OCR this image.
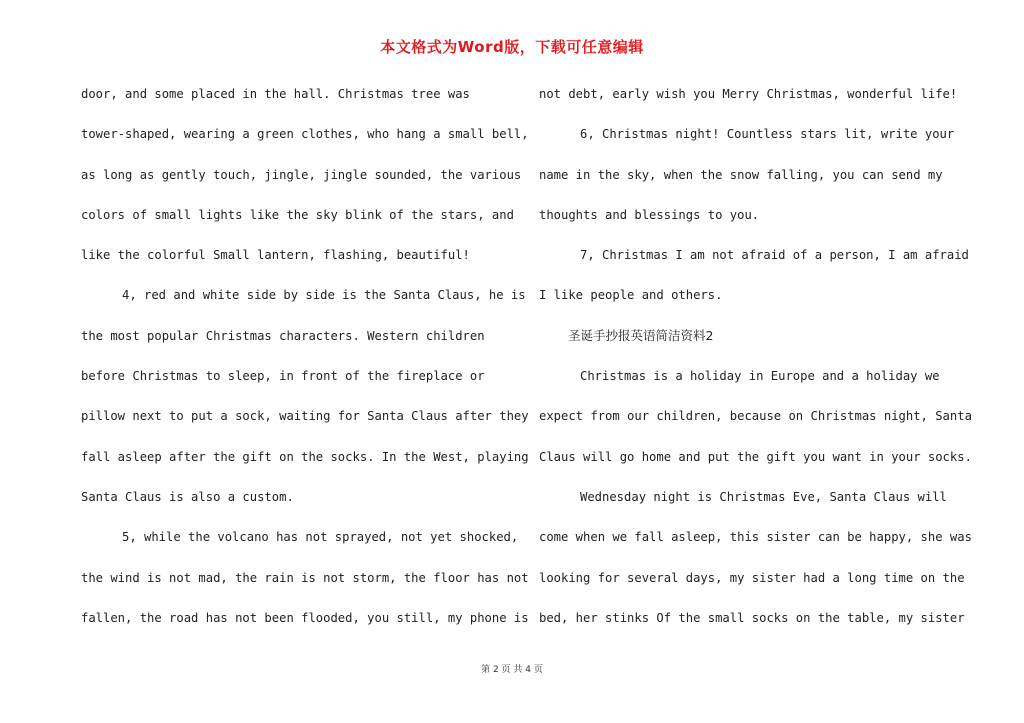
本文格式为Word版，下载可任意编辑
door, and some placed in the hall. Christmas tree was
tower-shaped, wearing a green clothes, who hang a small bell,
as long as gently touch, jingle, jingle sounded, the various
colors of small lights like the sky blink of the stars, and
like the colorful Small lantern, flashing, beautiful!
4, red and white side by side is the Santa Claus, he is
the most popular Christmas characters. Western children
before Christmas to sleep, in front of the fireplace or
pillow next to put a sock, waiting for Santa Claus after they
fall asleep after the gift on the socks. In the West, playing
Santa Claus is also a custom.
5, while the volcano has not sprayed, not yet shocked,
the wind is not mad, the rain is not storm, the floor has not
fallen, the road has not been flooded, you still, my phone is
not debt, early wish you Merry Christmas, wonderful life!
6, Christmas night! Countless stars lit, write your
name in the sky, when the snow falling, you can send my
thoughts and blessings to you.
7, Christmas I am not afraid of a person, I am afraid
I like people and others.
圣诞手抄报英语简洁资料2
Christmas is a holiday in Europe and a holiday we
expect from our children, because on Christmas night, Santa
Claus will go home and put the gift you want in your socks.
Wednesday night is Christmas Eve, Santa Claus will
come when we fall asleep, this sister can be happy, she was
looking for several days, my sister had a long time on the
bed, her stinks Of the small socks on the table, my sister
第 2 页 共 4 页
